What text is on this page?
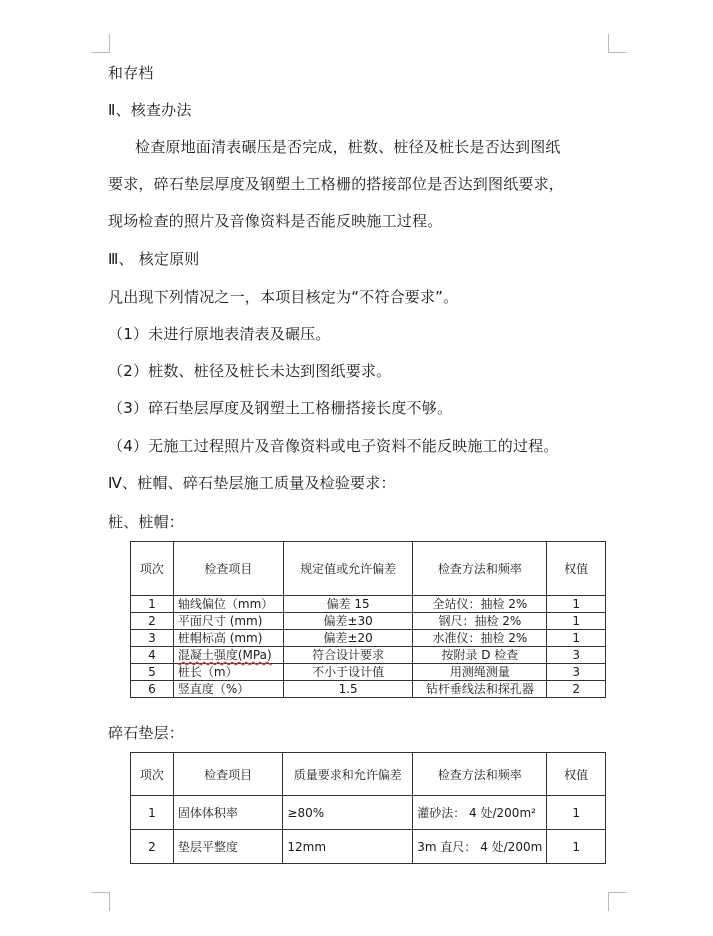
和存档
Ⅱ、核查办法
检查原地面清表碾压是否完成，桩数、桩径及桩长是否达到图纸
要求，碎石垫层厚度及钢塑土工格栅的搭接部位是否达到图纸要求，
现场检查的照片及音像资料是否能反映施工过程。
Ⅲ、 核定原则
凡出现下列情况之一，本项目核定为“不符合要求”。
（1）未进行原地表清表及碾压。
（2）桩数、桩径及桩长未达到图纸要求。
（3）碎石垫层厚度及钢塑土工格栅搭接长度不够。
（4）无施工过程照片及音像资料或电子资料不能反映施工的过程。
Ⅳ、桩帽、碎石垫层施工质量及检验要求：
桩、桩帽：
项次	检查项目	规定值或允许偏差	检查方法和频率	权值
1	轴线偏位（mm）	偏差 15	全站仪：抽检 2%	1
2	平面尺寸 (mm)	偏差±30	钢尺：抽检 2%	1
3	桩帽标高 (mm)	偏差±20	水准仪：抽检 2%	1
4	混凝土强度(MPa)	符合设计要求	按附录 D 检查	3
5	桩长（m）	不小于设计值	用测绳测量	3
6	竖直度（%）	1.5	钻杆垂线法和探孔器	2
碎石垫层：
项次	检查项目	质量要求和允许偏差	检查方法和频率	权值
1	固体体积率	≥80%	灌砂法： 4 处/200m²	1
2	垫层平整度	12mm	3m 直尺： 4 处/200m	1
